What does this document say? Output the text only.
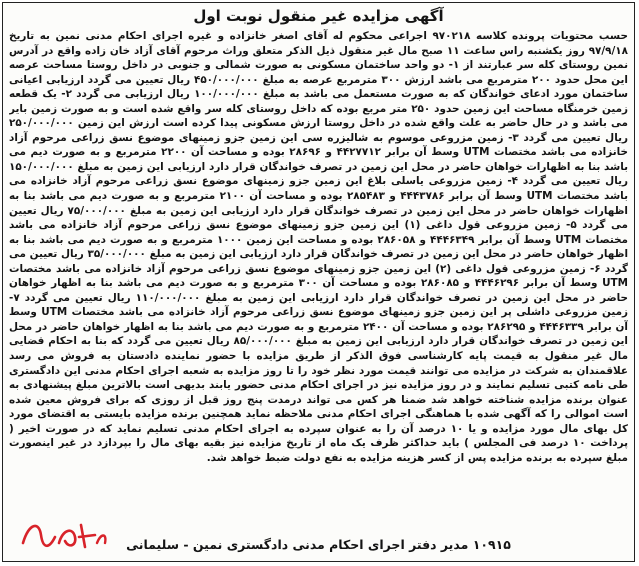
آگهی مزایده غیر منقول نوبت اول
حسب محتویات پرونده کلاسه ۹۷۰۲۱۸ اجراعی محکوم له آقای اصغر خانزاده و غیره اجرای احکام مدنی نمین به تاریخ ۹۷/۹/۱۸ روز یکشنبه راس ساعت ۱۱ صبح مال غیر منقول ذیل الذکر متعلق وراث مرحوم آقای آزاد خان زاده واقع در آدرس نمین روستای کله سر عبارتند از ۱- دو واحد ساختمان مسکونی به صورت شمالی و جنوبی در داخل روستا مساحت عرصه این محل حدود ۲۰۰ مترمربع می باشد ارزش ۳۰۰ مترمربع عرصه به مبلغ ۴۵۰/۰۰۰/۰۰۰ ریال تعیین می گردد ارزیابی اعیانی ساختمان مورد ادعای خواندگان که به صورت مستعمل می باشد به مبلغ ۱۰۰/۰۰۰/۰۰۰ ریال ارزیابی می گردد ۲- یک قطعه زمین خرمنگاه مساحت این زمین حدود ۲۵۰ متر مربع بوده که داخل روستای کله سر واقع شده است و به صورت زمین بایر می باشد و در حال حاضر به علت واقع شده در داخل روستا ارزش مسکونی پیدا کرده است ارزش این زمین ۲۵۰/۰۰۰/۰۰۰ ریال تعیین می گردد ۳- زمین مزروعی موسوم به شالیزره سی این زمین جزو زمینهای موضوع نسق زراعی مرحوم آزاد خانزاده می باشد مختصات UTM وسط آن برابر ۴۴۲۷۷۱۲ و ۲۸۶۹۶ بوده و مساحت آن ۲۲۰۰ مترمربع و به صورت دیم می باشد بنا به اظهارات خواهان حاضر در محل این زمین در تصرف خواندگان قرار دارد ارزیابی این زمین به مبلغ ۱۵۰/۰۰۰/۰۰۰ ریال تعیین می گردد ۴- زمین مزروعی یاسلی بلاغ این زمین جزو زمینهای موضوع نسق زراعی مرحوم آزاد خانزاده می باشد مختصات UTM وسط آن برابر ۴۴۴۳۷۸۶ و ۲۸۵۴۸۳ بوده و مساحت آن ۲۱۰۰ مترمربع و به صورت دیم می باشد بنا به اظهارات خواهان حاضر در محل این زمین در تصرف خواندگان قرار دارد ارزیابی این زمین به مبلغ ۷۵/۰۰۰/۰۰۰ ریال تعیین می گردد ۵- زمین مزروعی قول داغی (۱) این زمین جزو زمینهای موضوع نسق زراعی مرحوم آزاد خانزاده می باشد مختصات UTM وسط آن برابر ۴۴۴۶۳۴۹ و ۲۸۶۰۵۸ بوده و مساحت این زمین ۱۰۰۰ مترمربع و به صورت دیم می باشد بنا به اظهار خواهان حاضر در محل این زمین در تصرف خواندگان قرار دارد ارزیابی این زمین به مبلغ ۳۵/۰۰۰/۰۰۰ ریال تعیین می گردد ۶- زمین مزروعی قول داغی (۲) این زمین جزو زمینهای موضوع نسق زراعی مرحوم آزاد خانزاده می باشد مختصات UTM وسط آن برابر ۴۴۴۶۲۹۶ و ۲۸۶۰۸۵ بوده و مساحت آن ۳۰۰ مترمربع و به صورت دیم می باشد بنا به اظهار خواهان حاضر در محل این زمین در تصرف خواندگان قرار دارد ارزیابی این زمین به مبلغ ۱۱۰/۰۰۰/۰۰۰ ریال تعیین می گردد ۷- زمین مزروعی داشلی پر این زمین جزو زمینهای موضوع نسق زراعی مرحوم آزاد خانزاده می باشد مختصات UTM وسط آن برابر ۴۴۴۶۳۳۹ و ۲۸۶۲۹۵ بوده و مساحت آن ۲۴۰۰ مترمربع و به صورت دیم می باشد بنا به اظهار خواهان حاضر در محل این زمین در تصرف خواندگان قرار دارد ارزیابی این زمین به مبلغ ۸۵/۰۰۰/۰۰۰ ریال تعیین می گردد که بنا به احکام قضایی مال غیر منقول به قیمت پایه کارشناسی فوق الذکر از طریق مزایده با حضور نماینده دادستان به فروش می رسد علاقمندان به شرکت در مزایده می توانند قیمت مورد نظر خود را تا روز مزایده به شعبه اجرای احکام مدنی این دادگستری طی نامه کتبی تسلیم نمایند و در روز مزایده نیز در اجرای احکام مدنی حضور یابند بدیهی است بالاترین مبلغ پیشنهادی به عنوان برنده مزایده شناخته خواهد شد ضمنا هر کس می تواند درمدت پنج روز قبل از روزی که برای فروش معین شده است اموالی را که آگهی شده با هماهنگی اجرای احکام مدنی ملاحظه نماید همچنین برنده مزایده بایستی به اقتضای مورد کل بهای مال مورد مزایده و یا ۱۰ درصد آن را به عنوان سپرده به اجرای احکام مدنی تسلیم نماید که در صورت اخیر ( پرداخت ۱۰ درصد فی المجلس ) باید حداکثر ظرف یک ماه از تاریخ مزایده نیز بقیه بهای مال را بپردازد در غیر اینصورت مبلغ سپرده به برنده مزایده پس از کسر هزینه مزایده به نفع دولت ضبط خواهد شد.
۱۰۹۱۵ مدیر دفتر اجرای احکام مدنی دادگستری نمین - سلیمانی
